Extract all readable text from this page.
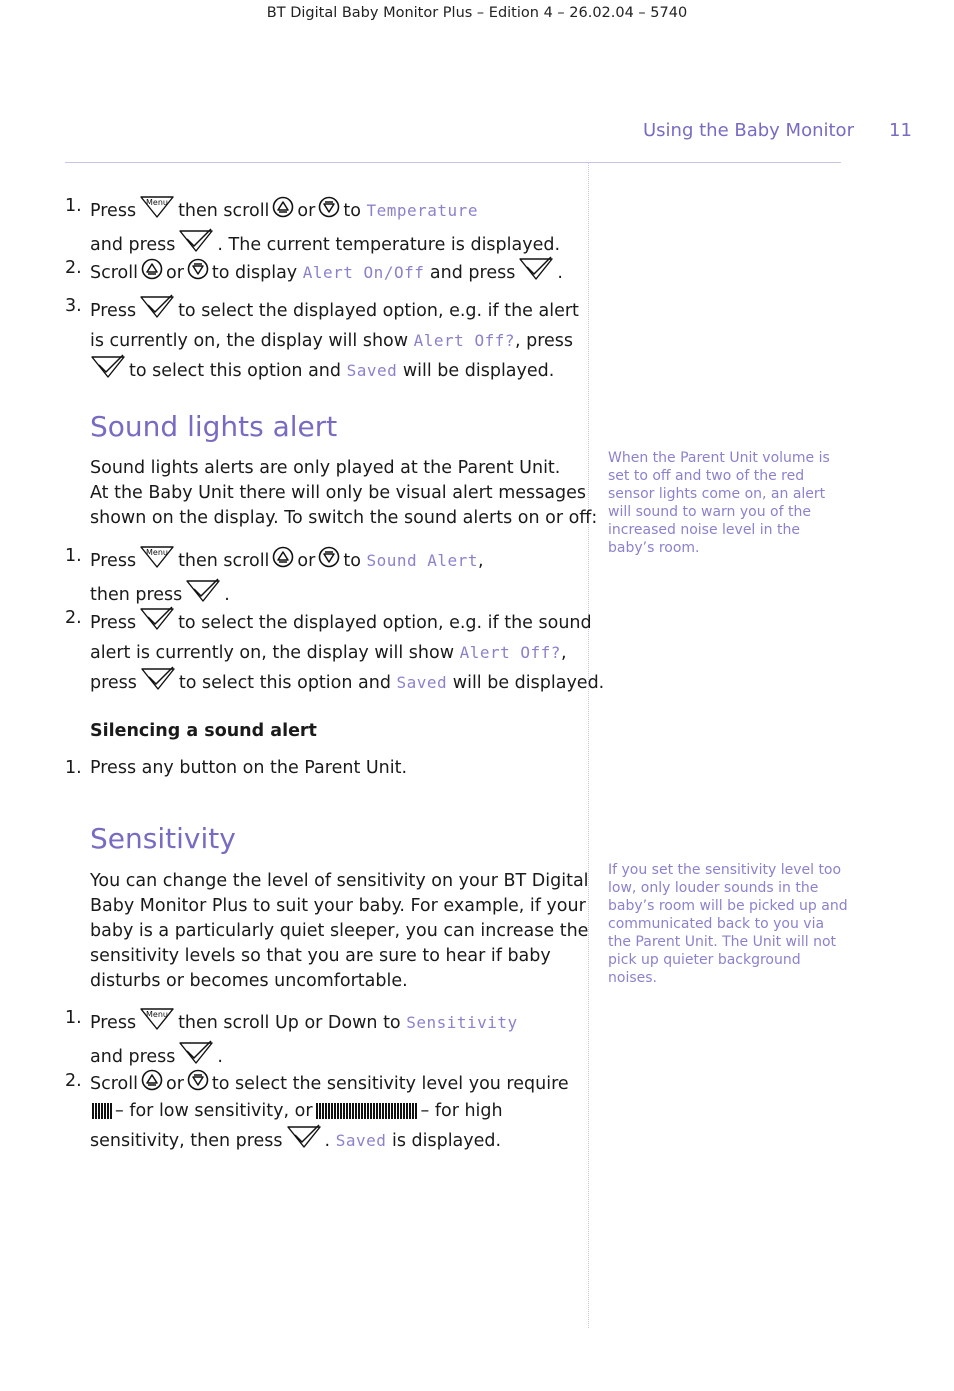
BT Digital Baby Monitor Plus – Edition 4 – 26.02.04 – 5740
Using the Baby Monitor 11
1. Press Menu then scroll or to Temperature
and press . The current temperature is displayed.
2. Scroll or to display Alert On/Off and press .
3. Press to select the displayed option, e.g. if the alert
is currently on, the display will show Alert Off?, press
to select this option and Saved will be displayed.
Sound lights alert
Sound lights alerts are only played at the Parent Unit.
At the Baby Unit there will only be visual alert messages
shown on the display. To switch the sound alerts on or off:
1. Press Menu then scroll or to Sound Alert,
then press .
2. Press to select the displayed option, e.g. if the sound
alert is currently on, the display will show Alert Off?,
press to select this option and Saved will be displayed.
Silencing a sound alert
1. Press any button on the Parent Unit.
When the Parent Unit volume is set to off and two of the red sensor lights come on, an alert will sound to warn you of the increased noise level in the baby’s room.
Sensitivity
You can change the level of sensitivity on your BT Digital
Baby Monitor Plus to suit your baby. For example, if your
baby is a particularly quiet sleeper, you can increase the
sensitivity levels so that you are sure to hear if baby
disturbs or becomes uncomfortable.
1. Press Menu then scroll Up or Down to Sensitivity
and press .
2. Scroll or to select the sensitivity level you require
– for low sensitivity, or	– for high
sensitivity, then press . Saved is displayed.
If you set the sensitivity level too low, only louder sounds in the baby’s room will be picked up and communicated back to you via the Parent Unit. The Unit will not pick up quieter background noises.
